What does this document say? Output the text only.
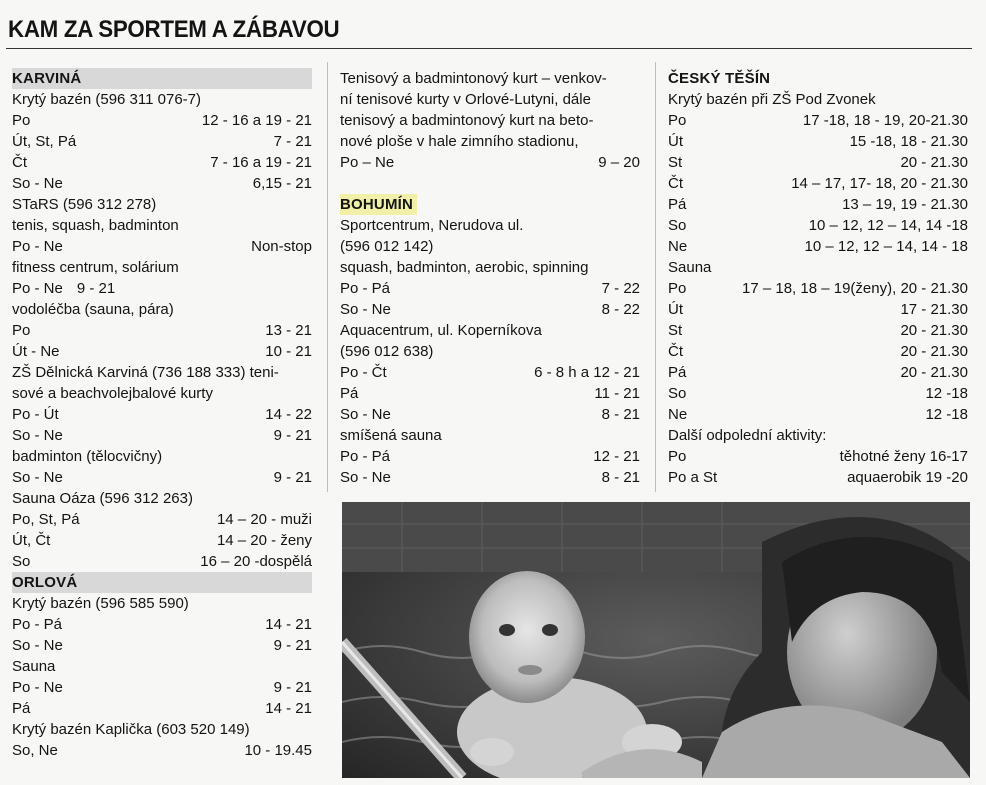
KAM ZA SPORTEM A ZÁBAVOU
KARVINÁ
Krytý bazén (596 311 076-7)
Po	12 - 16 a 19 - 21
Út, St, Pá	7 - 21
Čt	7 - 16 a 19 - 21
So - Ne	6,15 - 21
STaRS (596 312 278)
tenis, squash, badminton
Po - Ne	Non-stop
fitness centrum, solárium
Po - Ne 9 - 21
vodoléčba (sauna, pára)
Po	13 - 21
Út - Ne	10 - 21
ZŠ Dělnická Karviná (736 188 333) teni-
sové a beachvolejbalové kurty
Po - Út	14 - 22
So - Ne	9 - 21
badminton (tělocvičny)
So - Ne	9 - 21
Sauna Oáza (596 312 263)
Po, St, Pá	14 – 20 - muži
Út, Čt	14 – 20 - ženy
So	16 – 20 -dospělá
ORLOVÁ
Krytý bazén (596 585 590)
Po - Pá	14 - 21
So - Ne	9 - 21
Sauna
Po - Ne	9 - 21
Pá	14 - 21
Krytý bazén Kaplička (603 520 149)
So, Ne	10 - 19.45
Tenisový a badmintonový kurt – venkov-
ní tenisové kurty v Orlové-Lutyni, dále
tenisový a badmintonový kurt na beto-
nové ploše v hale zimního stadionu,
Po – Ne	9 – 20
BOHUMÍN
Sportcentrum, Nerudova ul.
(596 012 142)
squash, badminton, aerobic, spinning
Po - Pá	7 - 22
So - Ne	8 - 22
Aquacentrum, ul. Koperníkova
(596 012 638)
Po - Čt	6 - 8 h a 12 - 21
Pá	11 - 21
So - Ne	8 - 21
smíšená sauna
Po - Pá	12 - 21
So - Ne	8 - 21
ČESKÝ TĚŠÍN
Krytý bazén při ZŠ Pod Zvonek
Po	17 -18, 18 - 19, 20-21.30
Út	15 -18, 18 - 21.30
St	20 - 21.30
Čt	14 – 17, 17- 18, 20 - 21.30
Pá	13 – 19, 19 - 21.30
So	10 – 12, 12 – 14, 14 -18
Ne	10 – 12, 12 – 14, 14 - 18
Sauna
Po	17 – 18, 18 – 19(ženy), 20 - 21.30
Út	17 - 21.30
St	20 - 21.30
Čt	20 - 21.30
Pá	20 - 21.30
So	12 -18
Ne	12 -18
Další odpolední aktivity:
Po	těhotné ženy 16-17
Po a St	aquaerobik 19 -20
